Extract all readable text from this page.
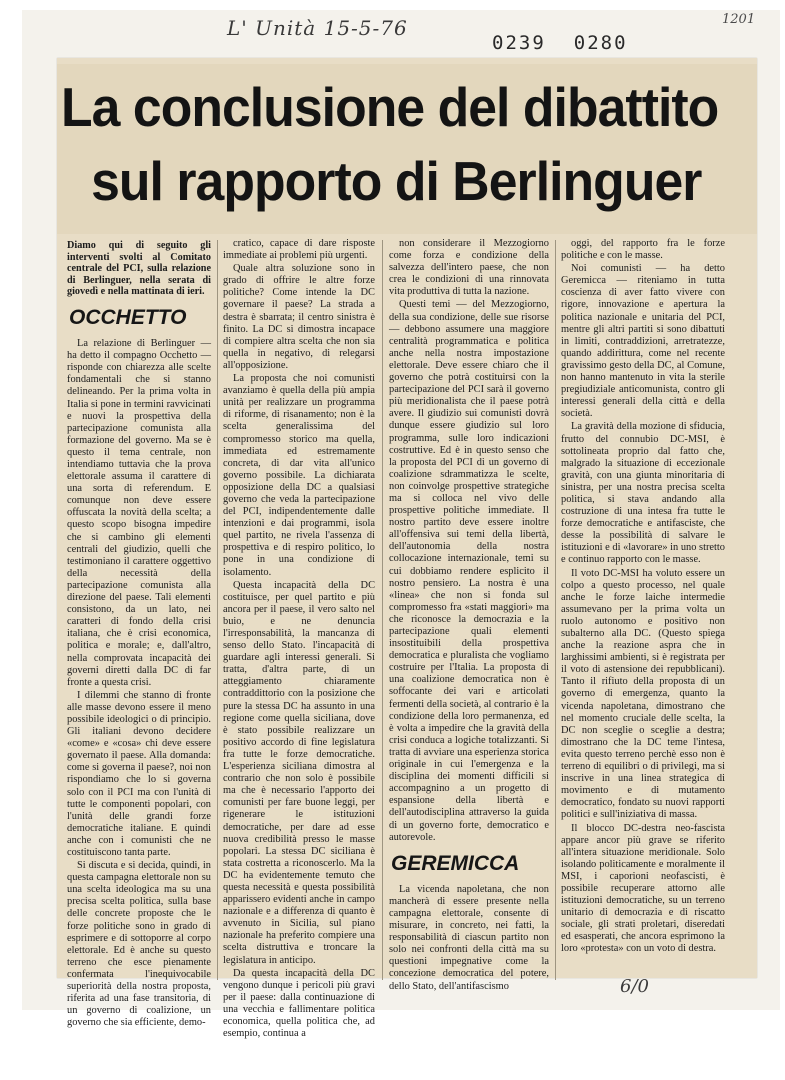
L' Unità 15-5-76	1201
0239 0280
La conclusione del dibattito
sul rapporto di Berlinguer

Diamo qui di seguito gli interventi svolti al Comitato centrale del PCI, sulla relazione di Berlinguer, nella serata di giovedì e nella mattinata di ieri.

OCCHETTO

La relazione di Berlinguer — ha detto il compagno Occhetto — risponde con chiarezza alle scelte fondamentali che si stanno delineando. Per la prima volta in Italia si pone in termini ravvicinati e nuovi la prospettiva della partecipazione comunista alla formazione del governo. Ma se è questo il tema centrale, non intendiamo tuttavia che la prova elettorale assuma il carattere di una sorta di referendum. E comunque non deve essere offuscata la novità della scelta; a questo scopo bisogna impedire che si cambino gli elementi centrali del giudizio, quelli che testimoniano il carattere oggettivo della necessità della partecipazione comunista alla direzione del paese. Tali elementi consistono, da un lato, nei caratteri di fondo della crisi italiana, che è crisi economica, politica e morale; e, dall'altro, nella comprovata incapacità dei governi diretti dalla DC di far fronte a questa crisi.

I dilemmi che stanno di fronte alle masse devono essere il meno possibile ideologici o di principio. Gli italiani devono decidere «come» e «cosa» chi deve essere governato il paese. Alla domanda: come si governa il paese?, noi non rispondiamo che lo si governa solo con il PCI ma con l'unità di tutte le componenti popolari, con l'unità delle grandi forze democratiche italiane. E quindi anche con i comunisti che ne costituiscono tanta parte.

Si discuta e si decida, quindi, in questa campagna elettorale non su una scelta ideologica ma su una precisa scelta politica, sulla base delle concrete proposte che le forze politiche sono in grado di esprimere e di sottoporre al corpo elettorale. Ed è anche su questo terreno che esce pienamente confermata l'inequivocabile superiorità della nostra proposta, riferita ad una fase transitoria, di un governo di coalizione, un governo che sia efficiente, demo-

cratico, capace di dare risposte immediate ai problemi più urgenti.

Quale altra soluzione sono in grado di offrire le altre forze politiche? Come intende la DC governare il paese? La strada a destra è sbarrata; il centro sinistra è finito. La DC si dimostra incapace di compiere altra scelta che non sia quella in negativo, di relegarsi all'opposizione.

La proposta che noi comunisti avanziamo è quella della più ampia unità per realizzare un programma di riforme, di risanamento; non è la scelta generalissima del compromesso storico ma quella, immediata ed estremamente concreta, di dar vita all'unico governo possibile. La dichiarata opposizione della DC a qualsiasi governo che veda la partecipazione del PCI, indipendentemente dalle intenzioni e dai programmi, isola quel partito, ne rivela l'assenza di prospettiva e di respiro politico, lo pone in una condizione di isolamento.

Questa incapacità della DC costituisce, per quel partito e più ancora per il paese, il vero salto nel buio, e ne denuncia l'irresponsabilità, la mancanza di senso dello Stato. l'incapacità di guardare agli interessi generali. Si tratta, d'altra parte, di un atteggiamento chiaramente contraddittorio con la posizione che pure la stessa DC ha assunto in una regione come quella siciliana, dove è stato possibile realizzare un positivo accordo di fine legislatura fra tutte le forze democratiche. L'esperienza siciliana dimostra al contrario che non solo è possibile ma che è necessario l'apporto dei comunisti per fare buone leggi, per rigenerare le istituzioni democratiche, per dare ad esse nuova credibilità presso le masse popolari. La stessa DC siciliana è stata costretta a riconoscerlo. Ma la DC ha evidentemente temuto che questa necessità e questa possibilità apparissero evidenti anche in campo nazionale e a differenza di quanto è avvenuto in Sicilia, sul piano nazionale ha preferito compiere una scelta distruttiva e troncare la legislatura in anticipo.

Da questa incapacità della DC vengono dunque i pericoli più gravi per il paese: dalla continuazione di una vecchia e fallimentare politica economica, quella politica che, ad esempio, continua a

non considerare il Mezzogiorno come forza e condizione della salvezza dell'intero paese, che non crea le condizioni di una rinnovata vita produttiva di tutta la nazione.

Questi temi — del Mezzogiorno, della sua condizione, delle sue risorse — debbono assumere una maggiore centralità programmatica e politica anche nella nostra impostazione elettorale. Deve essere chiaro che il governo che potrà costituirsi con la partecipazione del PCI sarà il governo più meridionalista che il paese potrà avere. Il giudizio sui comunisti dovrà dunque essere giudizio sul loro programma, sulle loro indicazioni costruttive. Ed è in questo senso che la proposta del PCI di un governo di coalizione sdrammatizza le scelte, non coinvolge prospettive strategiche ma si colloca nel vivo delle prospettive politiche immediate. Il nostro partito deve essere inoltre all'offensiva sui temi della libertà, dell'autonomia della nostra collocazione internazionale, temi su cui dobbiamo rendere esplicito il nostro pensiero. La nostra è una «linea» che non si fonda sul compromesso fra «stati maggiori» ma che riconosce la democrazia e la partecipazione quali elementi insostituibili della prospettiva democratica e pluralista che vogliamo costruire per l'Italia. La proposta di una coalizione democratica non è soffocante dei vari e articolati fermenti della società, al contrario è la condizione della loro permanenza, ed è volta a impedire che la gravità della crisi conduca a logiche totalizzanti. Si tratta di avviare una esperienza storica originale in cui l'emergenza e la disciplina dei momenti difficili si accompagnino a un progetto di espansione della libertà e dell'autodisciplina attraverso la guida di un governo forte, democratico e autorevole.

GEREMICCA

La vicenda napoletana, che non mancherà di essere presente nella campagna elettorale, consente di misurare, in concreto, nei fatti, la responsabilità di ciascun partito non solo nei confronti della città ma su questioni impegnative come la concezione democratica del potere, dello Stato, dell'antifascismo

oggi, del rapporto fra le forze politiche e con le masse.

Noi comunisti — ha detto Geremicca — riteniamo in tutta coscienza di aver fatto vivere con rigore, innovazione e apertura la politica nazionale e unitaria del PCI, mentre gli altri partiti si sono dibattuti in limiti, contraddizioni, arretratezze, quando addirittura, come nel recente gravissimo gesto della DC, al Comune, non hanno mantenuto in vita la sterile pregiudiziale anticomunista, contro gli interessi generali della città e della società.

La gravità della mozione di sfiducia, frutto del connubio DC-MSI, è sottolineata proprio dal fatto che, malgrado la situazione di eccezionale gravità, con una giunta minoritaria di sinistra, per una nostra precisa scelta politica, si stava andando alla costruzione di una intesa fra tutte le forze democratiche e antifasciste, che desse la possibilità di salvare le istituzioni e di «lavorare» in uno stretto e continuo rapporto con le masse.

Il voto DC-MSI ha voluto essere un colpo a questo processo, nel quale anche le forze laiche intermedie assumevano per la prima volta un ruolo autonomo e positivo non subalterno alla DC. (Questo spiega anche la reazione aspra che in larghissimi ambienti, si è registrata per il voto di astensione dei repubblicani). Tanto il rifiuto della proposta di un governo di emergenza, quanto la vicenda napoletana, dimostrano che nel momento cruciale delle scelta, la DC non sceglie o sceglie a destra; dimostrano che la DC teme l'intesa, evita questo terreno perchè esso non è terreno di equilibri o di privilegi, ma si inscrive in una linea strategica di movimento e di mutamento democratico, fondato su nuovi rapporti politici e sull'iniziativa di massa.

Il blocco DC-destra neo-fascista appare ancor più grave se riferito all'intera situazione meridionale. Solo isolando politicamente e moralmente il MSI, i caporioni neofascisti, è possibile recuperare attorno alle istituzioni democratiche, su un terreno unitario di democrazia e di riscatto sociale, gli strati proletari, diseredati ed esasperati, che ancora esprimono la loro «protesta» con un voto di destra.

6/0
